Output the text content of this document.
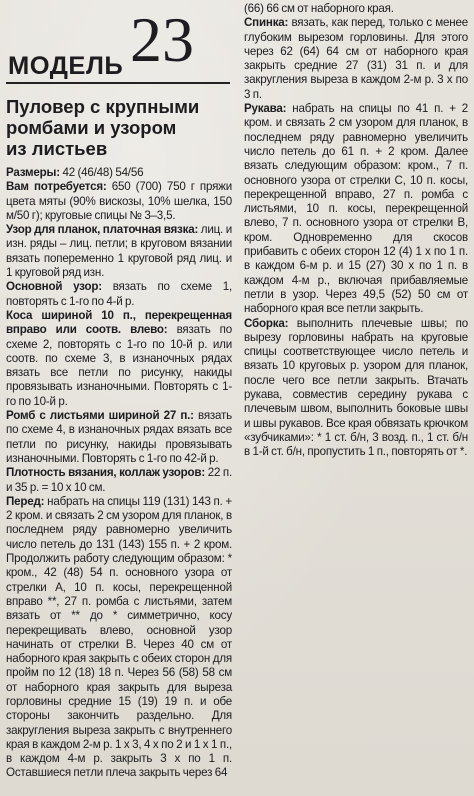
МОДЕЛЬ 23
Пуловер с крупными
ромбами и узором
из листьев

Размеры: 42 (46/48) 54/56

Вам потребуется: 650 (700) 750 г пряжи цвета мяты (90% вискозы, 10% шелка, 150 м/50 г); круговые спицы № 3–3,5.

Узор для планок, платочная вязка: лиц. и изн. ряды – лиц. петли; в круговом вязании вязать попеременно 1 круговой ряд лиц. и 1 круговой ряд изн.

Основной узор: вязать по схеме 1, повторять с 1-го по 4-й р.

Коса шириной 10 п., перекрещенная вправо или соотв. влево: вязать по схеме 2, повторять с 1-го по 10-й р. или соотв. по схеме 3, в изнаночных рядах вязать все петли по рисунку, накиды провязывать изнаночными. Повторять с 1-го по 10-й р.

Ромб с листьями шириной 27 п.: вязать по схеме 4, в изнаночных рядах вязать все петли по рисунку, накиды провязывать изнаночными. Повторять с 1-го по 42-й р.

Плотность вязания, коллаж узоров: 22 п. и 35 р. = 10 х 10 см.

Перед: набрать на спицы 119 (131) 143 п. + 2 кром. и связать 2 см узором для планок, в последнем ряду равномерно увеличить число петель до 131 (143) 155 п. + 2 кром. Продолжить работу следующим образом: * кром., 42 (48) 54 п. основного узора от стрелки А, 10 п. косы, перекрещенной вправо **, 27 п. ромба с листьями, затем вязать от ** до * симметрично, косу перекрещивать влево, основной узор начинать от стрелки В. Через 40 см от наборного края закрыть с обеих сторон для пройм по 12 (18) 18 п. Через 56 (58) 58 см от наборного края закрыть для выреза горловины средние 15 (19) 19 п. и обе стороны закончить раздельно. Для закругления выреза закрыть с внутреннего края в каждом 2-м р. 1 х 3, 4 х по 2 и 1 х 1 п., в каждом 4-м р. закрыть 3 х по 1 п. Оставшиеся петли плеча закрыть через 64

(66) 66 см от наборного края.

Спинка: вязать, как перед, только с менее глубоким вырезом горловины. Для этого через 62 (64) 64 см от наборного края закрыть средние 27 (31) 31 п. и для закругления выреза в каждом 2-м р. 3 х по 3 п.

Рукава: набрать на спицы по 41 п. + 2 кром. и связать 2 см узором для планок, в последнем ряду равномерно увеличить число петель до 61 п. + 2 кром. Далее вязать следующим образом: кром., 7 п. основного узора от стрелки С, 10 п. косы, перекрещенной вправо, 27 п. ромба с листьями, 10 п. косы, перекрещенной влево, 7 п. основного узора от стрелки В, кром. Одновременно для скосов прибавить с обеих сторон 12 (4) 1 х по 1 п. в каждом 6-м р. и 15 (27) 30 х по 1 п. в каждом 4-м р., включая прибавляемые петли в узор. Через 49,5 (52) 50 см от наборного края все петли закрыть.

Сборка: выполнить плечевые швы; по вырезу горловины набрать на круговые спицы соответствующее число петель и вязать 10 круговых р. узором для планок, после чего все петли закрыть. Втачать рукава, совместив середину рукава с плечевым швом, выполнить боковые швы и швы рукавов. Все края обвязать крючком «зубчиками»: * 1 ст. б/н, 3 возд. п., 1 ст. б/н в 1-й ст. б/н, пропустить 1 п., повторять от *.
